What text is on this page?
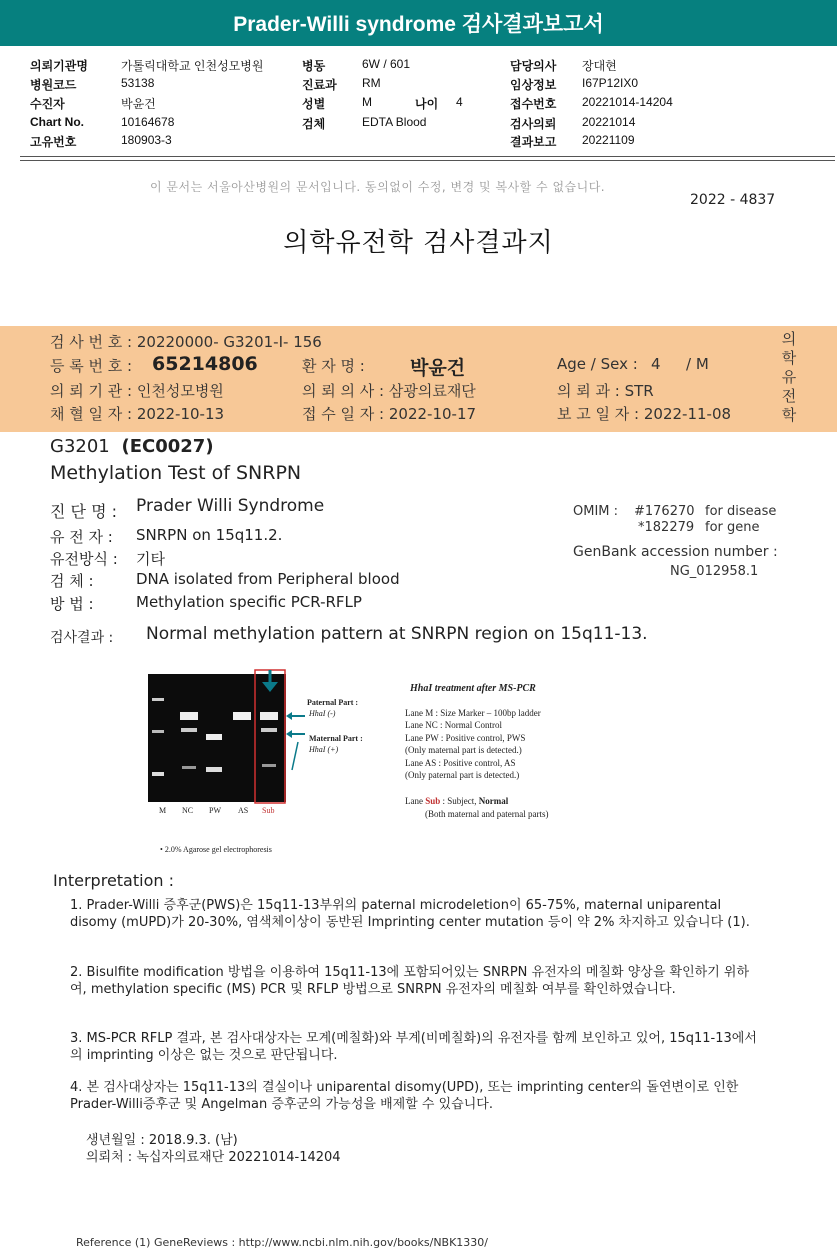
Prader-Willi syndrome 검사결과보고서
의뢰기관명	가톨릭대학교 인천성모병원
병원코드	53138
수진자	박윤건
Chart No.	10164678
고유번호	180903-3
병동	6W / 601
진료과 RM
성별	M	나이 4
검체	EDTA Blood
담당의사 장대현
임상정보 I67P12IX0
접수번호 20221014-14204
검사의뢰 20221014
결과보고 20221109
이 문서는 서울아산병원의 문서입니다. 동의없이 수정, 변경 및 복사할 수 없습니다.
2022 - 4837
의학유전학 검사결과지
검 사 번 호 : 20220000- G3201-I- 156
등 록 번 호 : 65214806	환 자 명 : 박윤건	Age / Sex : 4 / M
의 뢰 기 관 : 인천성모병원	의 뢰 의 사 : 삼광의료재단	의 뢰 과 : STR
채 혈 일 자 : 2022-10-13	접 수 일 자 : 2022-10-17	보 고 일 자 : 2022-11-08
의학유전학
G3201 (EC0027)
Methylation Test of SNRPN
진 단 명 : Prader Willi Syndrome
유 전 자 : SNRPN on 15q11.2.
유전방식 : 기타
검 체 :	DNA isolated from Peripheral blood
방 법 :	Methylation specific PCR-RFLP
OMIM : #176270 for disease
*182279 for gene
GenBank accession number :
NG_012958.1
검사결과 : Normal methylation pattern at SNRPN region on 15q11-13.
M NC PW AS Sub
Paternal Part :
HhaI (-)
Maternal Part :
HhaI (+)
• 2.0% Agarose gel electrophoresis
HhaI treatment after MS-PCR
Lane M : Size Marker – 100bp ladder
Lane NC : Normal Control
Lane PW : Positive control, PWS
(Only maternal part is detected.)
Lane AS : Positive control, AS
(Only paternal part is detected.)
Lane Sub : Subject, Normal
(Both maternal and paternal parts)
Interpretation :
1. Prader-Willi 증후군(PWS)은 15q11-13부위의 paternal microdeletion이 65-75%, maternal uniparental disomy (mUPD)가 20-30%, 염색체이상이 동반된 Imprinting center mutation 등이 약 2% 차지하고 있습니다 (1).
2. Bisulfite modification 방법을 이용하여 15q11-13에 포함되어있는 SNRPN 유전자의 메칠화 양상을 확인하기 위하여, methylation specific (MS) PCR 및 RFLP 방법으로 SNRPN 유전자의 메칠화 여부를 확인하였습니다.
3. MS-PCR RFLP 결과, 본 검사대상자는 모계(메칠화)와 부계(비메칠화)의 유전자를 함께 보인하고 있어, 15q11-13에서의 imprinting 이상은 없는 것으로 판단됩니다.
4. 본 검사대상자는 15q11-13의 결실이나 uniparental disomy(UPD), 또는 imprinting center의 돌연변이로 인한 Prader-Willi증후군 및 Angelman 증후군의 가능성을 배제할 수 있습니다.
생년월일 : 2018.9.3. (남)
의뢰처 : 녹십자의료재단 20221014-14204
Reference (1) GeneReviews : http://www.ncbi.nlm.nih.gov/books/NBK1330/
